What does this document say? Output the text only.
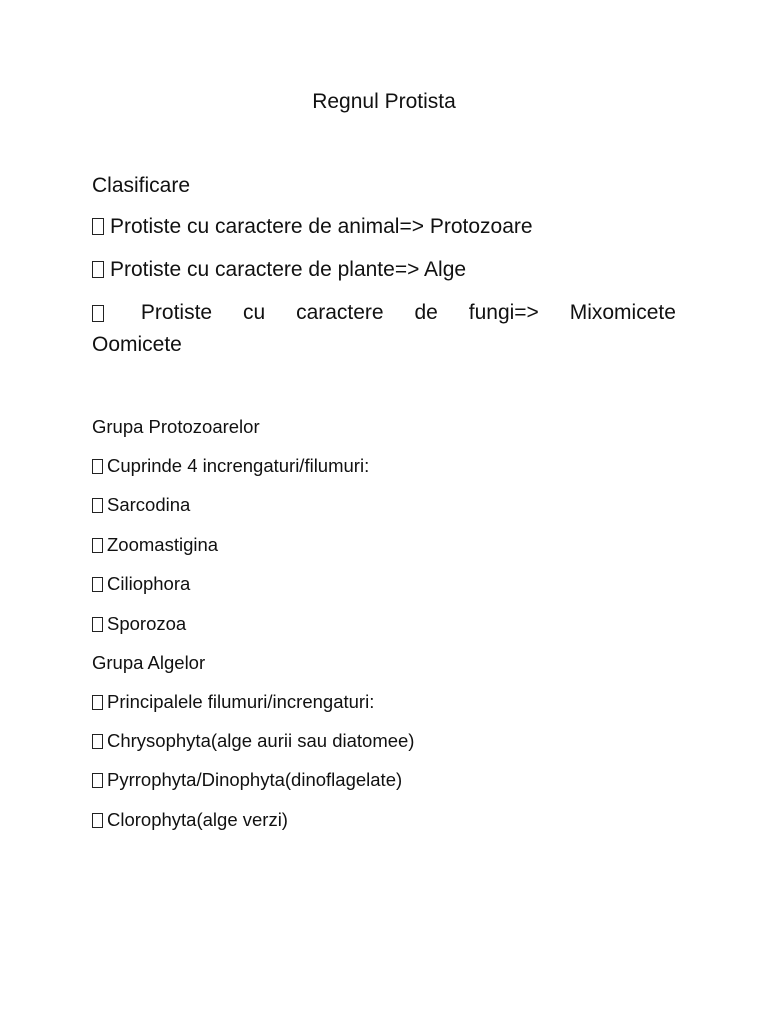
Regnul Protista
Clasificare
Protiste cu caractere de animal=> Protozoare
Protiste cu caractere de plante=> Alge
Protiste cu caractere de fungi=> Mixomicete
Oomicete
Grupa Protozoarelor
Cuprinde 4 increngaturi/filumuri:
Sarcodina
Zoomastigina
Ciliophora
Sporozoa
Grupa Algelor
Principalele filumuri/increngaturi:
Chrysophyta(alge aurii sau diatomee)
Pyrrophyta/Dinophyta(dinoflagelate)
Clorophyta(alge verzi)
